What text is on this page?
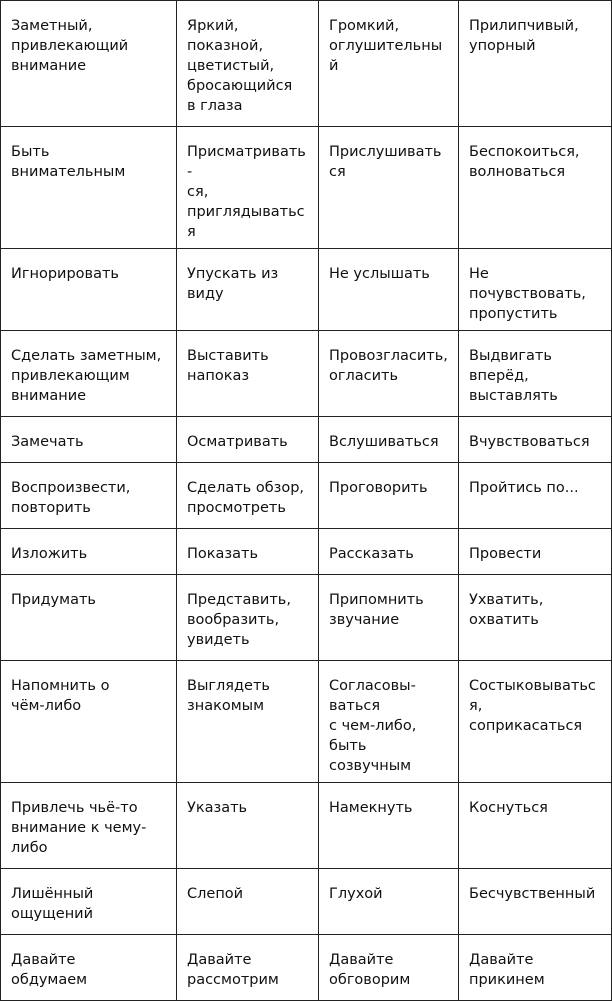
Заметный,
привлекающий
внимание	Яркий,
показной,
цветистый,
бросающийся
в глаза	Громкий,
оглушительный	Прилипчивый,
упорный
Быть внимательным	Присматривать-
ся,
приглядываться	Прислушиваться	Беспокоиться,
волноваться
Игнорировать	Упускать из
виду	Не услышать	Не почувствовать,
пропустить
Сделать заметным,
привлекающим
внимание	Выставить
напоказ	Провозгласить,
огласить	Выдвигать
вперёд,
выставлять
Замечать	Осматривать	Вслушиваться	Вчувствоваться
Воспроизвести,
повторить	Сделать обзор,
просмотреть	Проговорить	Пройтись по...
Изложить	Показать	Рассказать	Провести
Придумать	Представить,
вообразить,
увидеть	Припомнить
звучание	Ухватить,
охватить
Напомнить о
чём-либо	Выглядеть
знакомым	Согласовы-
ваться
с чем-либо,
быть созвучным	Состыковываться,
соприкасаться
Привлечь чьё-то
внимание к чему-
либо	Указать	Намекнуть	Коснуться
Лишённый
ощущений	Слепой	Глухой	Бесчувственный
Давайте
обдумаем	Давайте
рассмотрим	Давайте
обговорим	Давайте
прикинем
